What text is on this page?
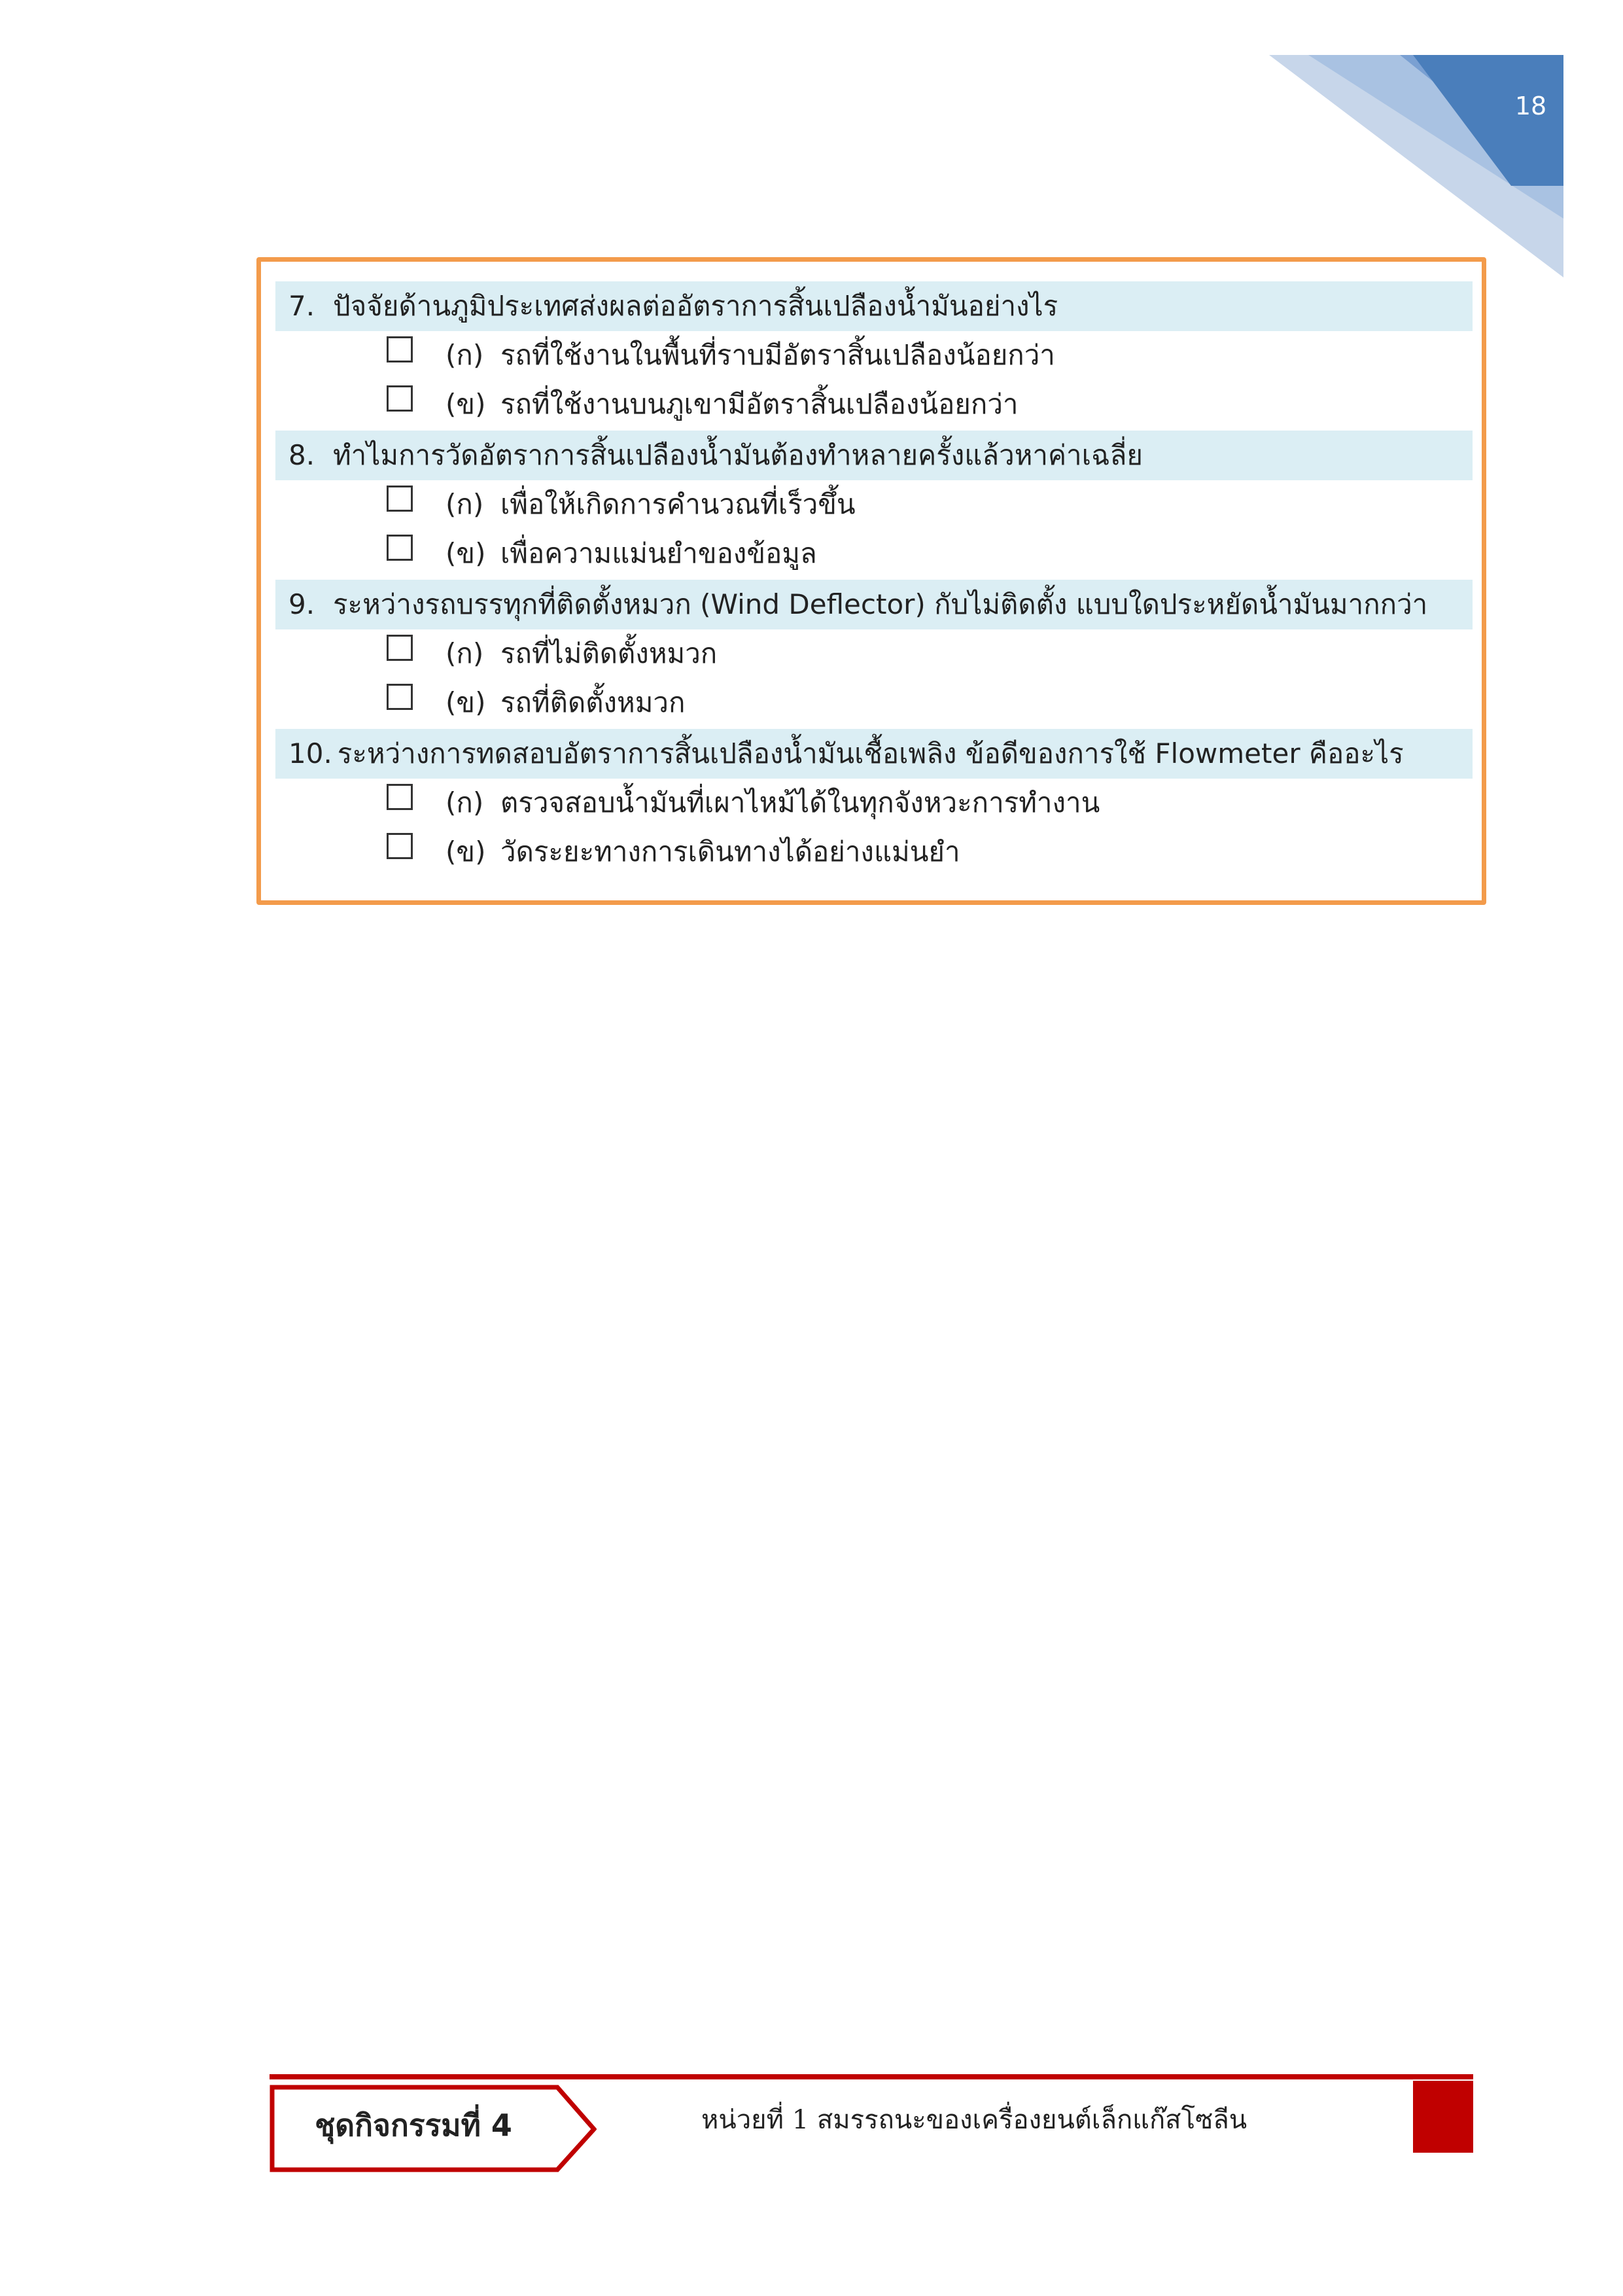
18
7. ปัจจัยด้านภูมิประเทศส่งผลต่ออัตราการสิ้นเปลืองน้ำมันอย่างไร
(ก) รถที่ใช้งานในพื้นที่ราบมีอัตราสิ้นเปลืองน้อยกว่า
(ข) รถที่ใช้งานบนภูเขามีอัตราสิ้นเปลืองน้อยกว่า
8. ทำไมการวัดอัตราการสิ้นเปลืองน้ำมันต้องทำหลายครั้งแล้วหาค่าเฉลี่ย
(ก) เพื่อให้เกิดการคำนวณที่เร็วขึ้น
(ข) เพื่อความแม่นยำของข้อมูล
9. ระหว่างรถบรรทุกที่ติดตั้งหมวก (Wind Deflector) กับไม่ติดตั้ง แบบใดประหยัดน้ำมันมากกว่า
(ก) รถที่ไม่ติดตั้งหมวก
(ข) รถที่ติดตั้งหมวก
10. ระหว่างการทดสอบอัตราการสิ้นเปลืองน้ำมันเชื้อเพลิง ข้อดีของการใช้ Flowmeter คืออะไร
(ก) ตรวจสอบน้ำมันที่เผาไหม้ได้ในทุกจังหวะการทำงาน
(ข) วัดระยะทางการเดินทางได้อย่างแม่นยำ
ชุดกิจกรรมที่ 4	หน่วยที่ 1 สมรรถนะของเครื่องยนต์เล็กแก๊สโซลีน
